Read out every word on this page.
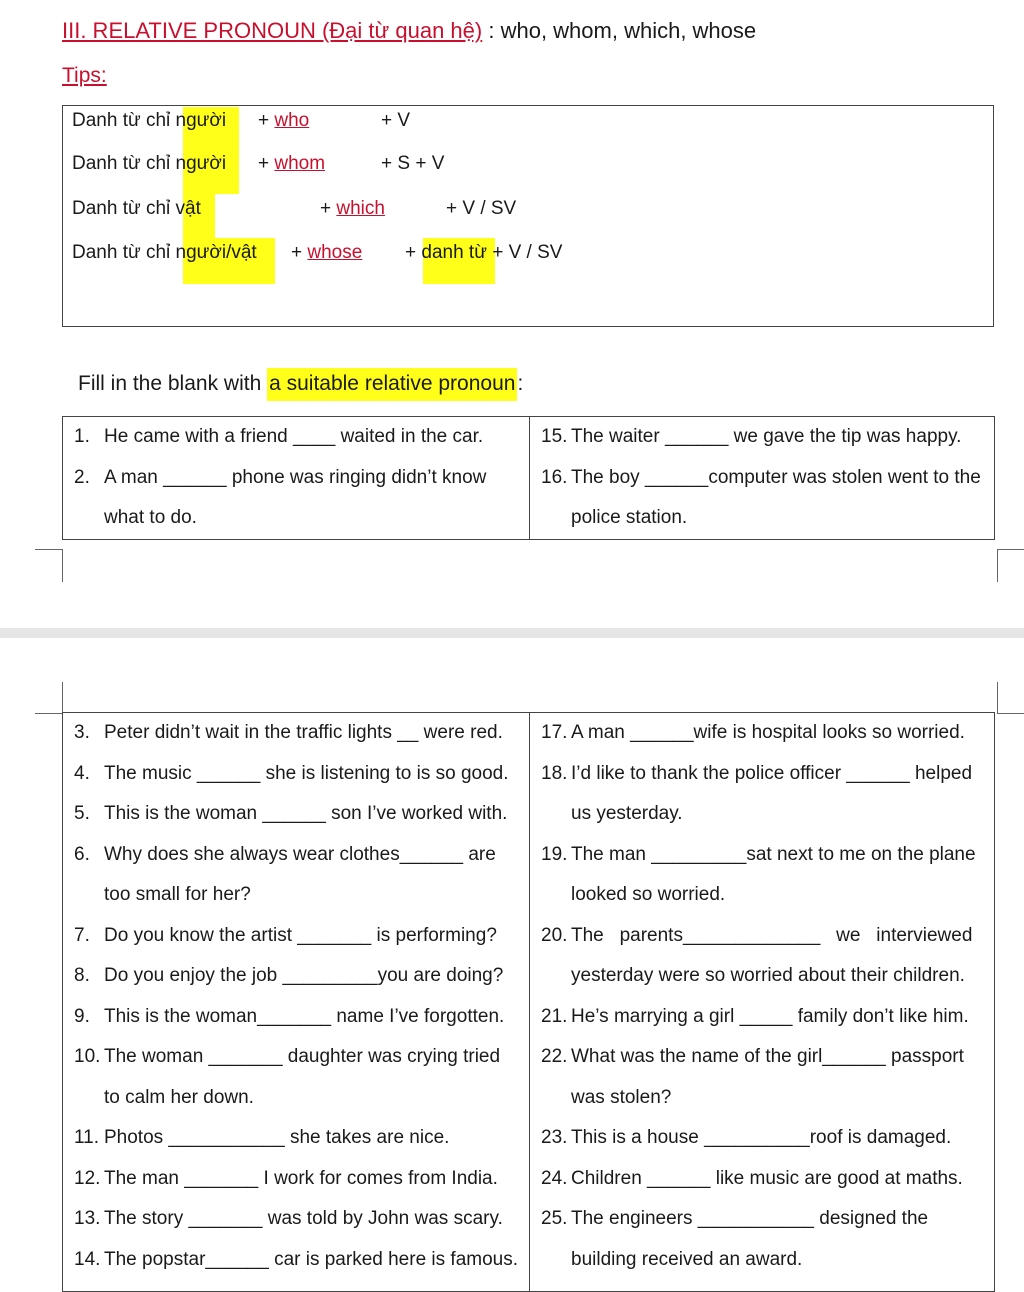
III. RELATIVE PRONOUN (Đại từ quan hệ) : who, whom, which, whose
Tips:
Danh từ chỉ người + who	+ V
Danh từ chỉ người + whom	+ S + V
Danh từ chỉ vật	+ which	+ V / SV
Danh từ chỉ người/vật + whose + danh từ + V / SV
Fill in the blank with a suitable relative pronoun:
1. He came with a friend ____ waited in the car.
2. A man ______ phone was ringing didn’t know
what to do.

15. The waiter ______ we gave the tip was happy.
16. The boy ______computer was stolen went to the
police station.
3. Peter didn’t wait in the traffic lights __ were red.
4. The music ______ she is listening to is so good.
5. This is the woman ______ son I’ve worked with.
6. Why does she always wear clothes______ are
too small for her?
7. Do you know the artist _______ is performing?
8. Do you enjoy the job _________you are doing?
9. This is the woman_______ name I’ve forgotten.
10. The woman _______ daughter was crying tried
to calm her down.
11. Photos ___________ she takes are nice.
12. The man _______ I work for comes from India.
13. The story _______ was told by John was scary.
14. The popstar______ car is parked here is famous.

17. A man ______wife is hospital looks so worried.
18. I’d like to thank the police officer ______ helped
us yesterday.
19. The man _________sat next to me on the plane
looked so worried.
20. The   parents_____________   we   interviewed
yesterday were so worried about their children.
21. He’s marrying a girl _____ family don’t like him.
22. What was the name of the girl______ passport
was stolen?
23. This is a house __________roof is damaged.
24. Children ______ like music are good at maths.
25. The engineers ___________ designed the
building received an award.
